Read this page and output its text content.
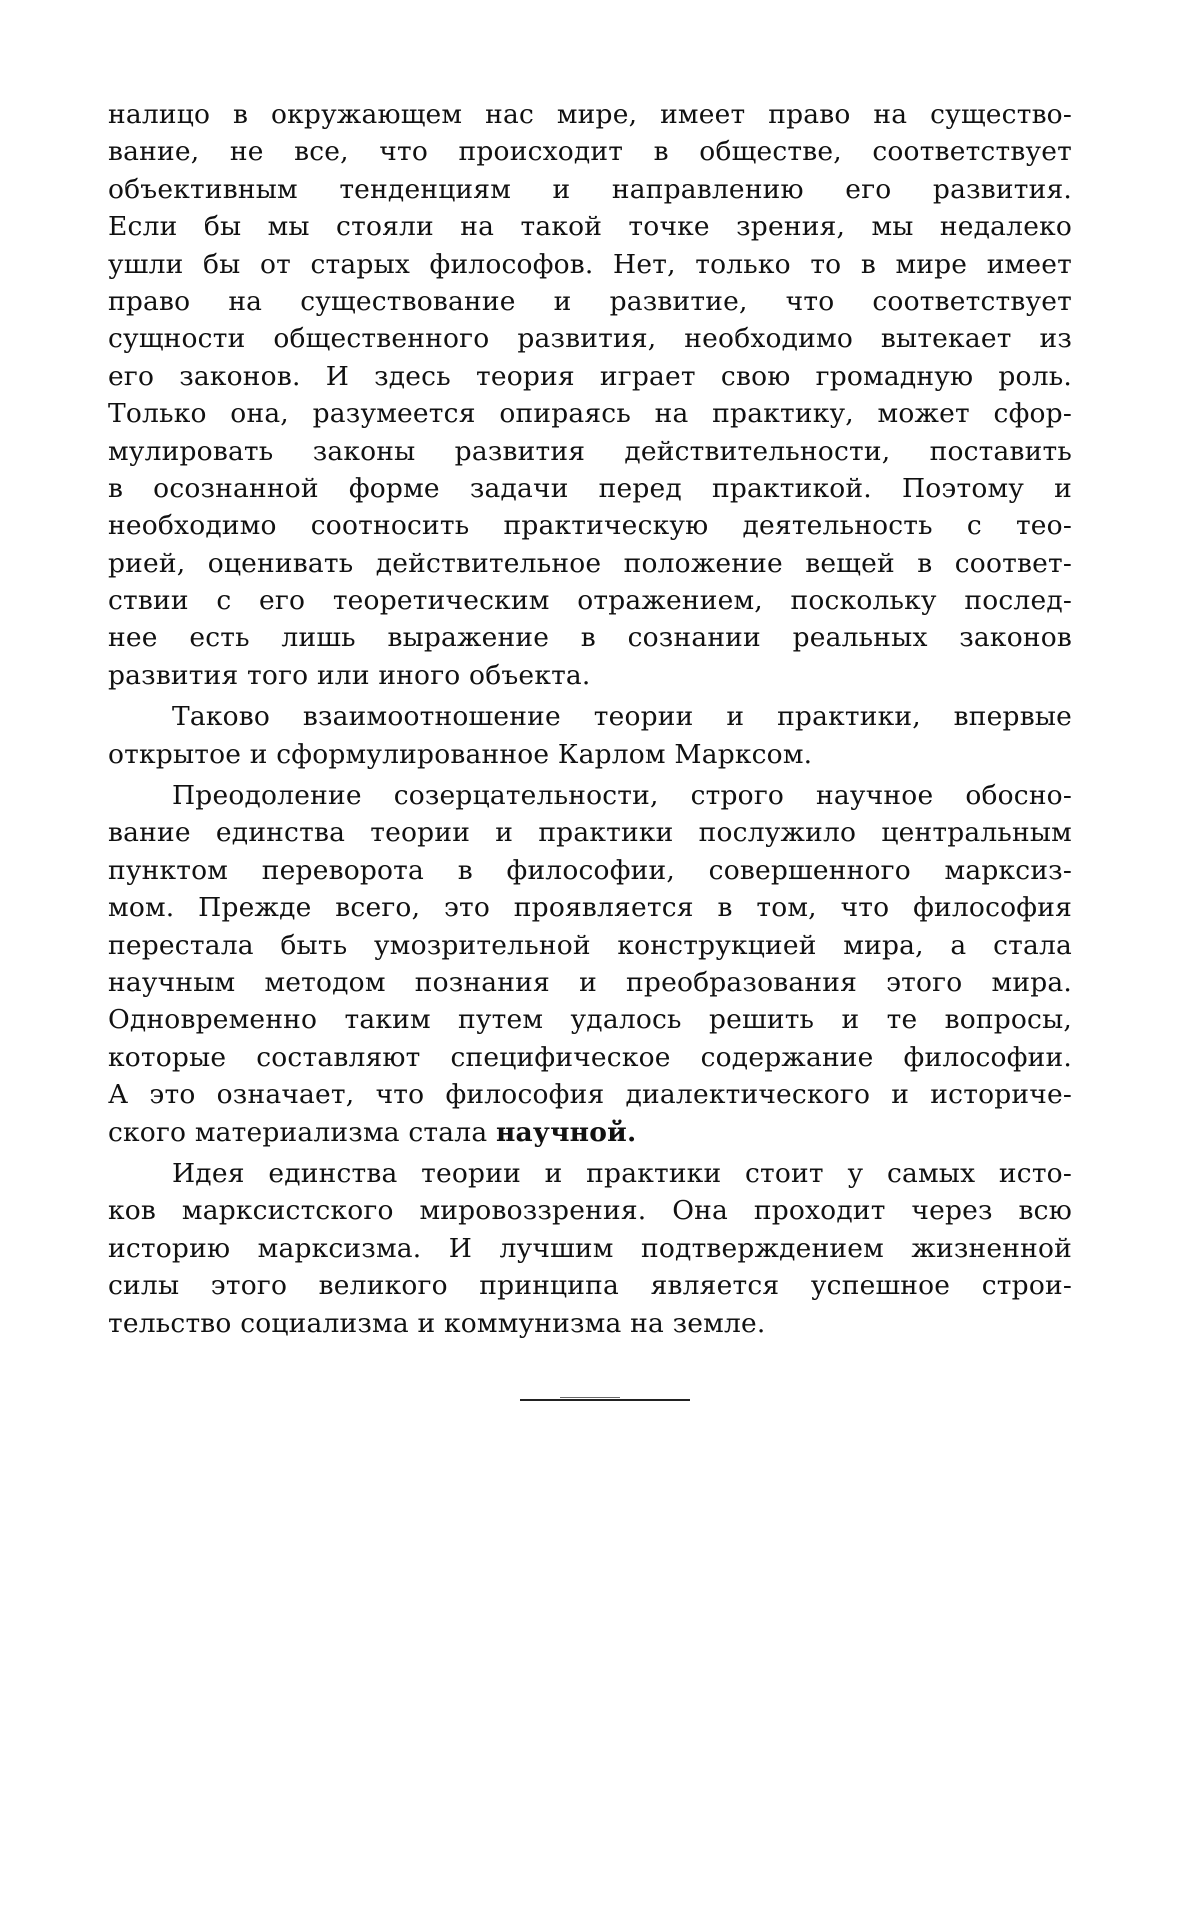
налицо в окружающем нас мире, имеет право на существо-
вание, не все, что происходит в обществе, соответствует
объективным тенденциям и направлению его развития.
Если бы мы стояли на такой точке зрения, мы недалеко
ушли бы от старых философов. Нет, только то в мире имеет
право на существование и развитие, что соответствует
сущности общественного развития, необходимо вытекает из
его законов. И здесь теория играет свою громадную роль.
Только она, разумеется опираясь на практику, может сфор-
мулировать законы развития действительности, поставить
в осознанной форме задачи перед практикой. Поэтому и
необходимо соотносить практическую деятельность с тео-
рией, оценивать действительное положение вещей в соответ-
ствии с его теоретическим отражением, поскольку послед-
нее есть лишь выражение в сознании реальных законов
развития того или иного объекта.
Таково взаимоотношение теории и практики, впервые
открытое и сформулированное Карлом Марксом.
Преодоление созерцательности, строго научное обосно-
вание единства теории и практики послужило центральным
пунктом переворота в философии, совершенного марксиз-
мом. Прежде всего, это проявляется в том, что философия
перестала быть умозрительной конструкцией мира, а стала
научным методом познания и преобразования этого мира.
Одновременно таким путем удалось решить и те вопросы,
которые составляют специфическое содержание философии.
А это означает, что философия диалектического и историче-
ского материализма стала научной.
Идея единства теории и практики стоит у самых исто-
ков марксистского мировоззрения. Она проходит через всю
историю марксизма. И лучшим подтверждением жизненной
силы этого великого принципа является успешное строи-
тельство социализма и коммунизма на земле.
